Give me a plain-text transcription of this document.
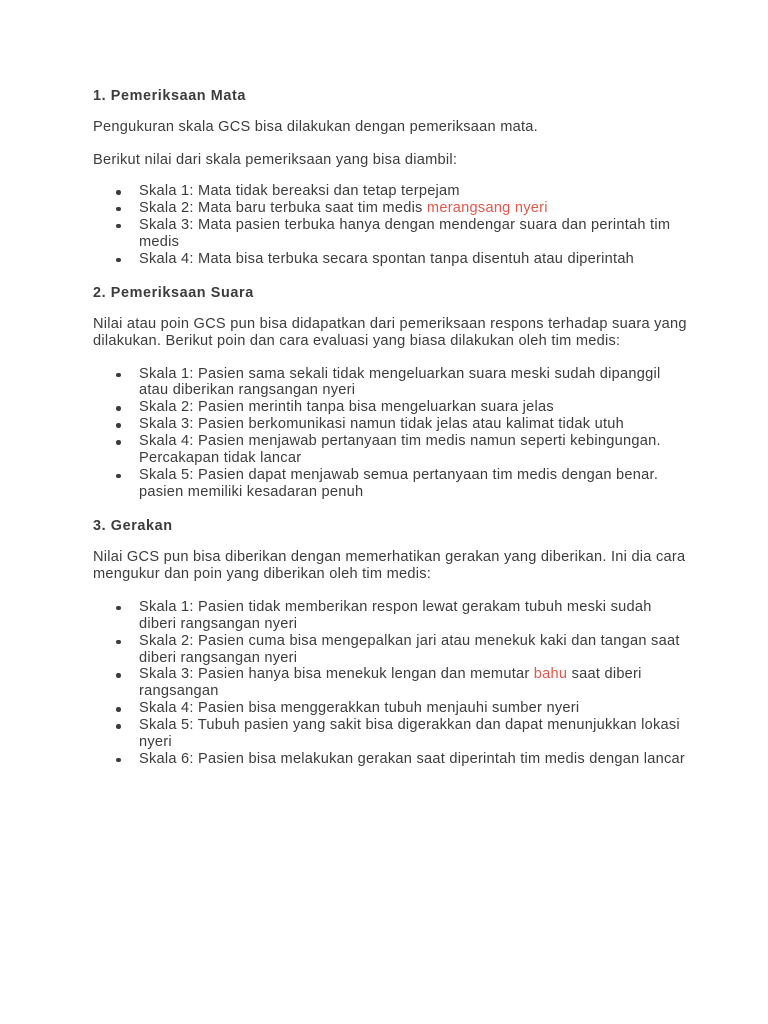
1. Pemeriksaan Mata
Pengukuran skala GCS bisa dilakukan dengan pemeriksaan mata.
Berikut nilai dari skala pemeriksaan yang bisa diambil:
Skala 1: Mata tidak bereaksi dan tetap terpejam
Skala 2: Mata baru terbuka saat tim medis merangsang nyeri
Skala 3: Mata pasien terbuka hanya dengan mendengar suara dan perintah tim medis
Skala 4: Mata bisa terbuka secara spontan tanpa disentuh atau diperintah
2. Pemeriksaan Suara
Nilai atau poin GCS pun bisa didapatkan dari pemeriksaan respons terhadap suara yang dilakukan. Berikut poin dan cara evaluasi yang biasa dilakukan oleh tim medis:
Skala 1: Pasien sama sekali tidak mengeluarkan suara meski sudah dipanggil atau diberikan rangsangan nyeri
Skala 2: Pasien merintih tanpa bisa mengeluarkan suara jelas
Skala 3: Pasien berkomunikasi namun tidak jelas atau kalimat tidak utuh
Skala 4: Pasien menjawab pertanyaan tim medis namun seperti kebingungan. Percakapan tidak lancar
Skala 5: Pasien dapat menjawab semua pertanyaan tim medis dengan benar. pasien memiliki kesadaran penuh
3. Gerakan
Nilai GCS pun bisa diberikan dengan memerhatikan gerakan yang diberikan. Ini dia cara mengukur dan poin yang diberikan oleh tim medis:
Skala 1: Pasien tidak memberikan respon lewat gerakam tubuh meski sudah diberi rangsangan nyeri
Skala 2: Pasien cuma bisa mengepalkan jari atau menekuk kaki dan tangan saat diberi rangsangan nyeri
Skala 3: Pasien hanya bisa menekuk lengan dan memutar bahu saat diberi rangsangan
Skala 4: Pasien bisa menggerakkan tubuh menjauhi sumber nyeri
Skala 5: Tubuh pasien yang sakit bisa digerakkan dan dapat menunjukkan lokasi nyeri
Skala 6: Pasien bisa melakukan gerakan saat diperintah tim medis dengan lancar
